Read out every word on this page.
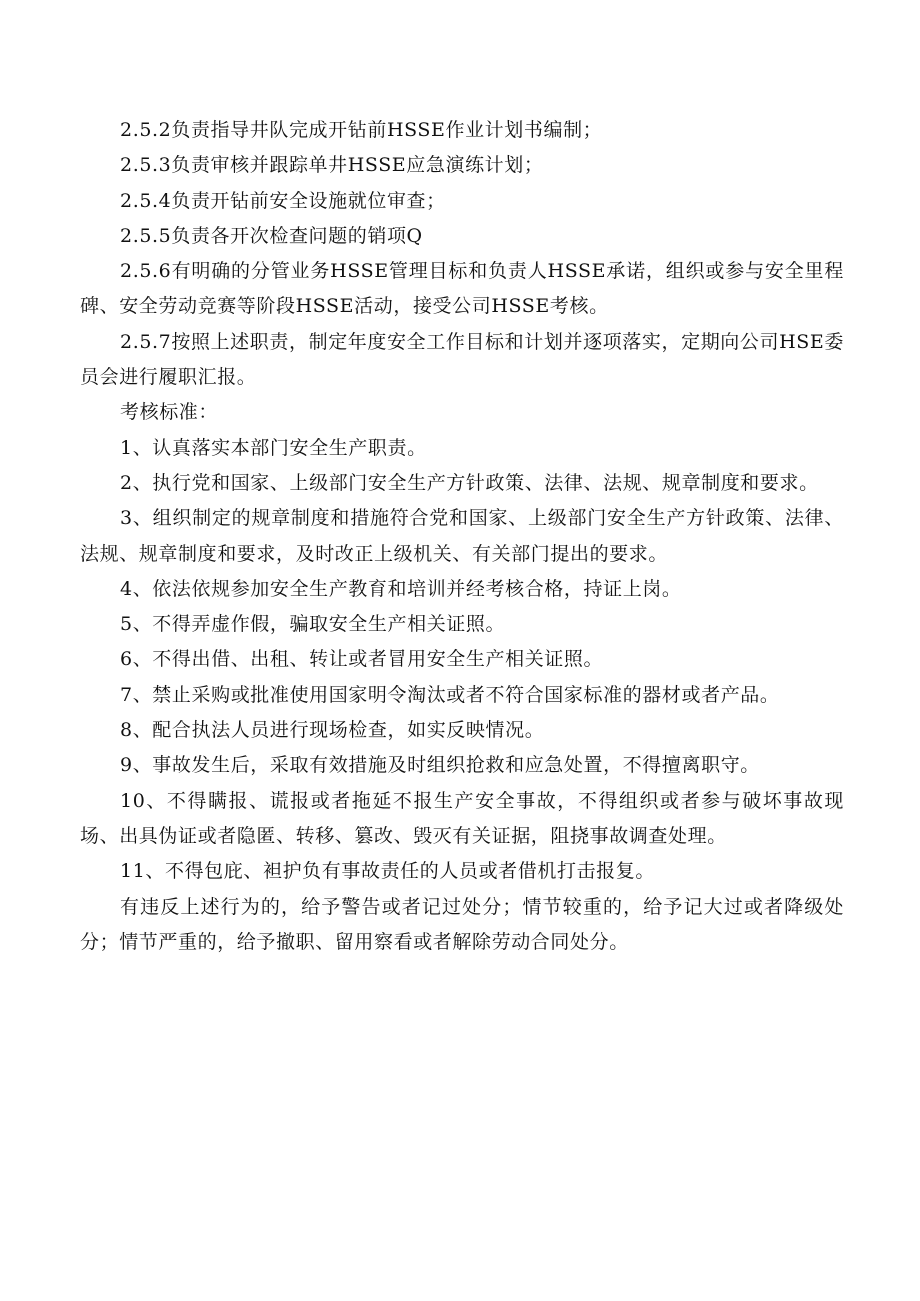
2.5.2负责指导井队完成开钻前HSSE作业计划书编制；

2.5.3负责审核并跟踪单井HSSE应急演练计划；

2.5.4负责开钻前安全设施就位审查；

2.5.5负责各开次检查问题的销项Q

2.5.6有明确的分管业务HSSE管理目标和负责人HSSE承诺，组织或参与安全里程碑、安全劳动竞赛等阶段HSSE活动，接受公司HSSE考核。

2.5.7按照上述职责，制定年度安全工作目标和计划并逐项落实，定期向公司HSE委员会进行履职汇报。

考核标准：

1、认真落实本部门安全生产职责。

2、执行党和国家、上级部门安全生产方针政策、法律、法规、规章制度和要求。

3、组织制定的规章制度和措施符合党和国家、上级部门安全生产方针政策、法律、法规、规章制度和要求，及时改正上级机关、有关部门提出的要求。

4、依法依规参加安全生产教育和培训并经考核合格，持证上岗。

5、不得弄虚作假，骗取安全生产相关证照。

6、不得出借、出租、转让或者冒用安全生产相关证照。

7、禁止采购或批准使用国家明令淘汰或者不符合国家标准的器材或者产品。

8、配合执法人员进行现场检查，如实反映情况。

9、事故发生后，采取有效措施及时组织抢救和应急处置，不得擅离职守。

10、不得瞒报、谎报或者拖延不报生产安全事故，不得组织或者参与破坏事故现场、出具伪证或者隐匿、转移、篡改、毁灭有关证据，阻挠事故调查处理。

11、不得包庇、袒护负有事故责任的人员或者借机打击报复。

有违反上述行为的，给予警告或者记过处分；情节较重的，给予记大过或者降级处分；情节严重的，给予撤职、留用察看或者解除劳动合同处分。
